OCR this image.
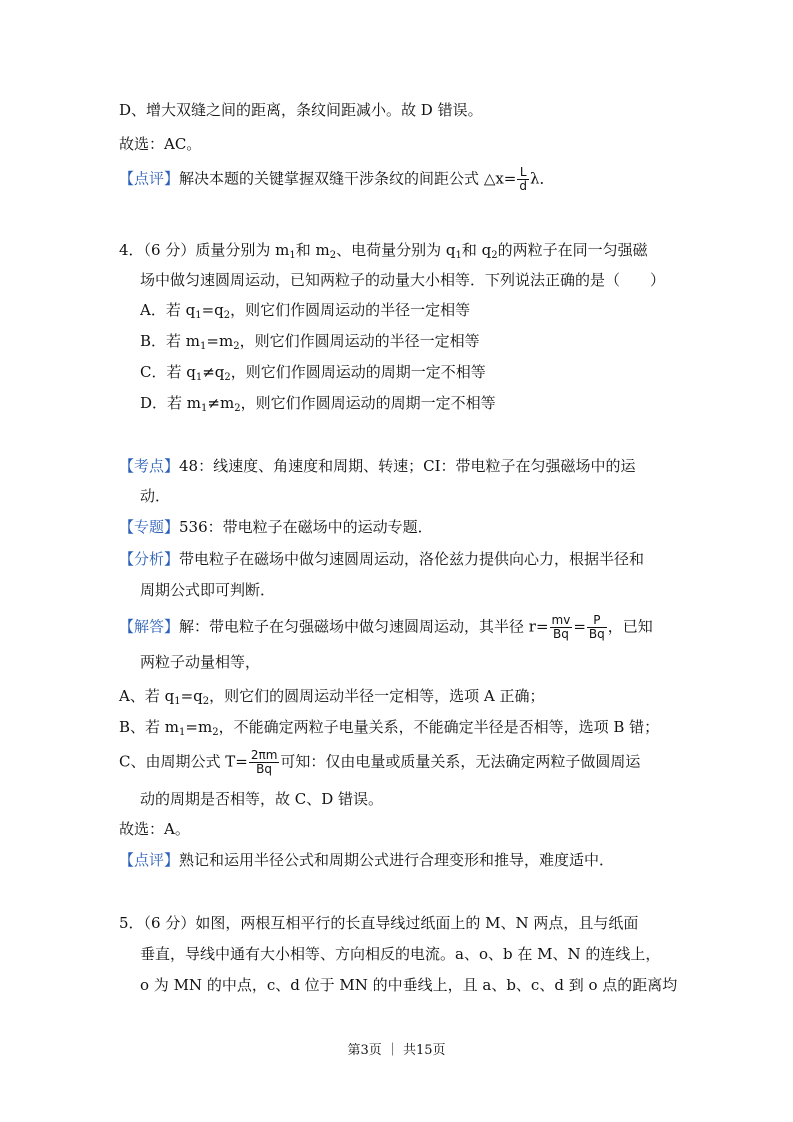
D、增大双缝之间的距离，条纹间距减小。故 D 错误。
故选：AC。
【点评】解决本题的关键掌握双缝干涉条纹的间距公式 △x= $\frac{L}{d}$ λ．
4．（6 分）质量分别为 $m_1$和 $m_2$、电荷量分别为 $q_1$和 $q_2$的两粒子在同一匀强磁
场中做匀速圆周运动，已知两粒子的动量大小相等．下列说法正确的是（　　）
A．若 $q_1=q_2$，则它们作圆周运动的半径一定相等
B．若 $m_1=m_2$，则它们作圆周运动的半径一定相等
C．若 $q_1\ne q_2$，则它们作圆周运动的周期一定不相等
D．若 $m_1\ne m_2$，则它们作圆周运动的周期一定不相等
【考点】48：线速度、角速度和周期、转速；CI：带电粒子在匀强磁场中的运
动．
【专题】536：带电粒子在磁场中的运动专题．
【分析】带电粒子在磁场中做匀速圆周运动，洛伦兹力提供向心力，根据半径和
周期公式即可判断．
【解答】解：带电粒子在匀强磁场中做匀速圆周运动，其半径 $r= \frac{mv}{Bq} = \frac{P}{Bq}$ ，已知
两粒子动量相等，
A、若 $q_1=q_2$，则它们的圆周运动半径一定相等，选项 A 正确；
B、若 $m_1=m_2$，不能确定两粒子电量关系，不能确定半径是否相等，选项 B 错；
C、由周期公式 $T= \frac{2\pi m}{Bq}$ 可知：仅由电量或质量关系，无法确定两粒子做圆周运
动的周期是否相等，故 C、D 错误。
故选：A。
【点评】熟记和运用半径公式和周期公式进行合理变形和推导，难度适中．
5．（6 分）如图，两根互相平行的长直导线过纸面上的 M、N 两点，且与纸面
垂直，导线中通有大小相等、方向相反的电流。a、o、b 在 M、N 的连线上，
o 为 MN 的中点，c、d 位于 MN 的中垂线上，且 a、b、c、d 到 o 点的距离均
第3页 ｜ 共15页
